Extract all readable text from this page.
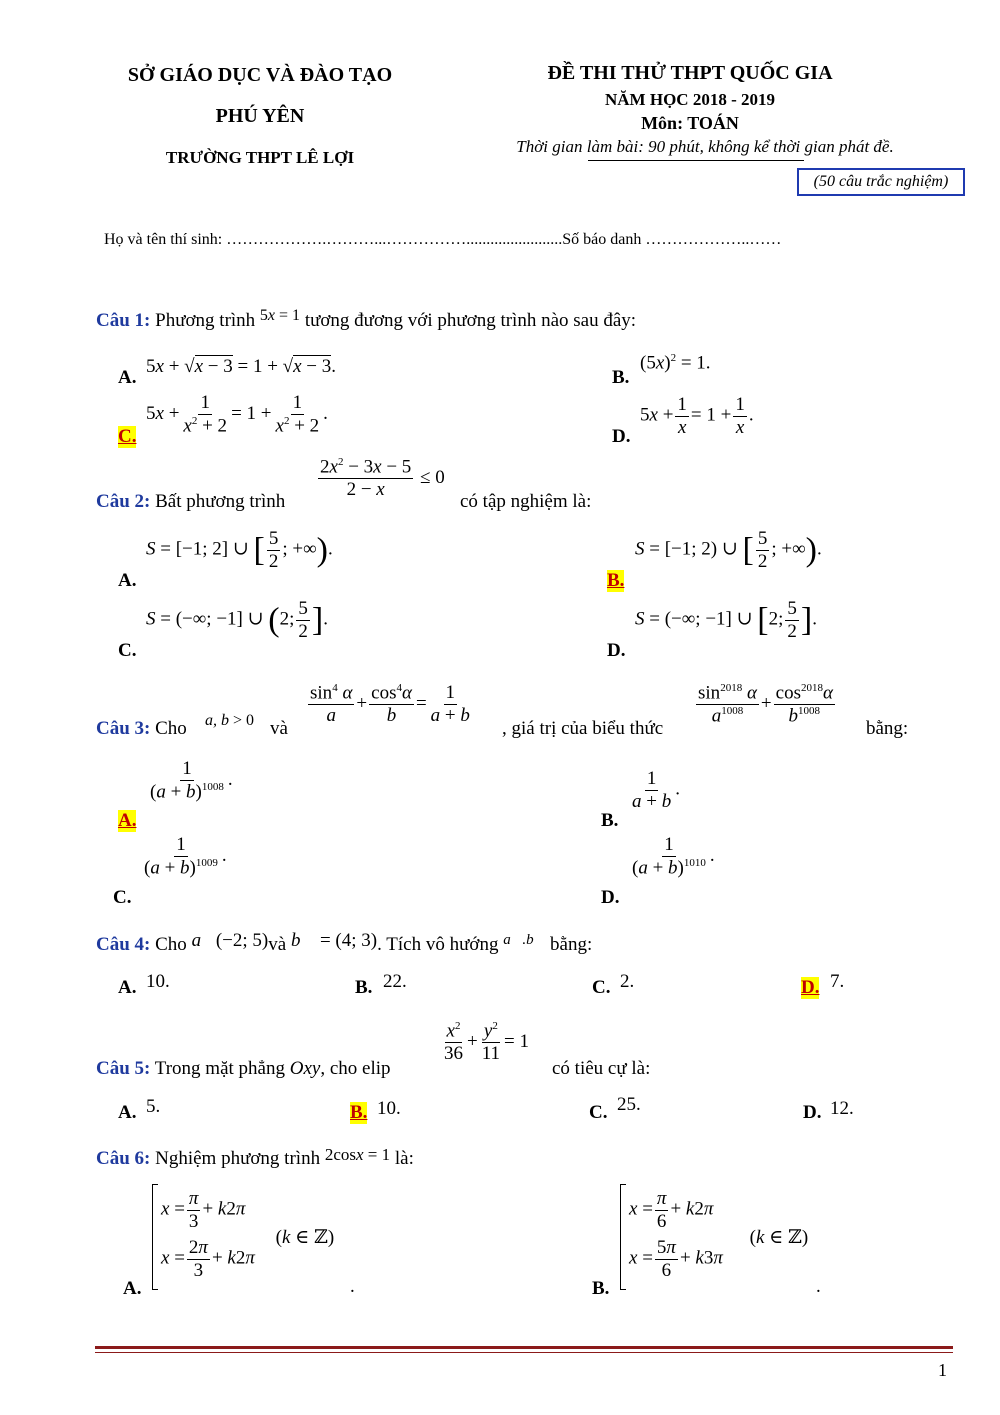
SỞ GIÁO DỤC VÀ ĐÀO TẠO
PHÚ YÊN
TRƯỜNG THPT LÊ LỢI
ĐỀ THI THỬ THPT QUỐC GIA
NĂM HỌC 2018 - 2019
Môn: TOÁN
Thời gian làm bài: 90 phút, không kể thời gian phát đề.
(50 câu trắc nghiệm)
Họ và tên thí sinh: ……………….………...……………........................Số báo danh ………………..……
Câu 1: Phương trình $^{5x = 1}$ tương đương với phương trình nào sau đây:
A.
5x + √x − 3 = 1 + √x − 3.
B.
$(5x)^2 = 1$.
C.
$5x + \frac{1}{x^2 + 2} = 1 + \frac{1}{x^2 + 2}$ .
D.
$5x + \frac{1}{x} = 1 + \frac{1}{x}$ .
Câu 2: Bất phương trình
$\frac{2x^2 - 3x - 5}{2 - x} \le 0$
có tập nghiệm là:
A.
S = [−1; 2] ∪ [ $\frac{5}{2}$ ; +∞).
B.
S = [−1; 2) ∪ [ $\frac{5}{2}$ ; +∞).
C.
S = (−∞; −1] ∪ (2; $\frac{5}{2}$ ].
D.
S = (−∞; −1] ∪ [2; $\frac{5}{2}$ ].
Câu 3: Cho a, b > 0 và
$\frac{\sin^4 \alpha}{a} + \frac{\cos^4\alpha}{b} = \frac{1}{a + b}$
, giá trị của biểu thức
$\frac{\sin^{2018} \alpha}{a^{1008}} + \frac{\cos^{2018}\alpha}{b^{1008}}$
bằng:
A.
$\frac{1}{(a + b)^{1008}}$ .
B.
$\frac{1}{a + b}$ .
C.
$\frac{1}{(a + b)^{1009}}$ .
D.
$\frac{1}{(a + b)^{1010}}$ .
Câu 4: Cho a⃗(−2; 5)và b⃗ = (4; 3). Tích vô hướng $^{a⃗.b⃗}$ bằng:
A. 10.	B. 22.	C. 2.	D. 7.
Câu 5: Trong mặt phẳng Oxy, cho elip
$\frac{x^2}{36} + \frac{y^2}{11} = 1$
có tiêu cự là:
A. 5.	B. 10.	C. 25.	D. 12.
Câu 6: Nghiệm phương trình 2cosx = 1 là:
A.
$x = \frac{\pi}{3} + k2\pi$
$x = \frac{2\pi}{3} + k2\pi$
(k ∈ ℤ)
.	B.
$x = \frac{\pi}{6} + k2\pi$
$x = \frac{5\pi}{6} + k3\pi$
(k ∈ ℤ)
.
1
